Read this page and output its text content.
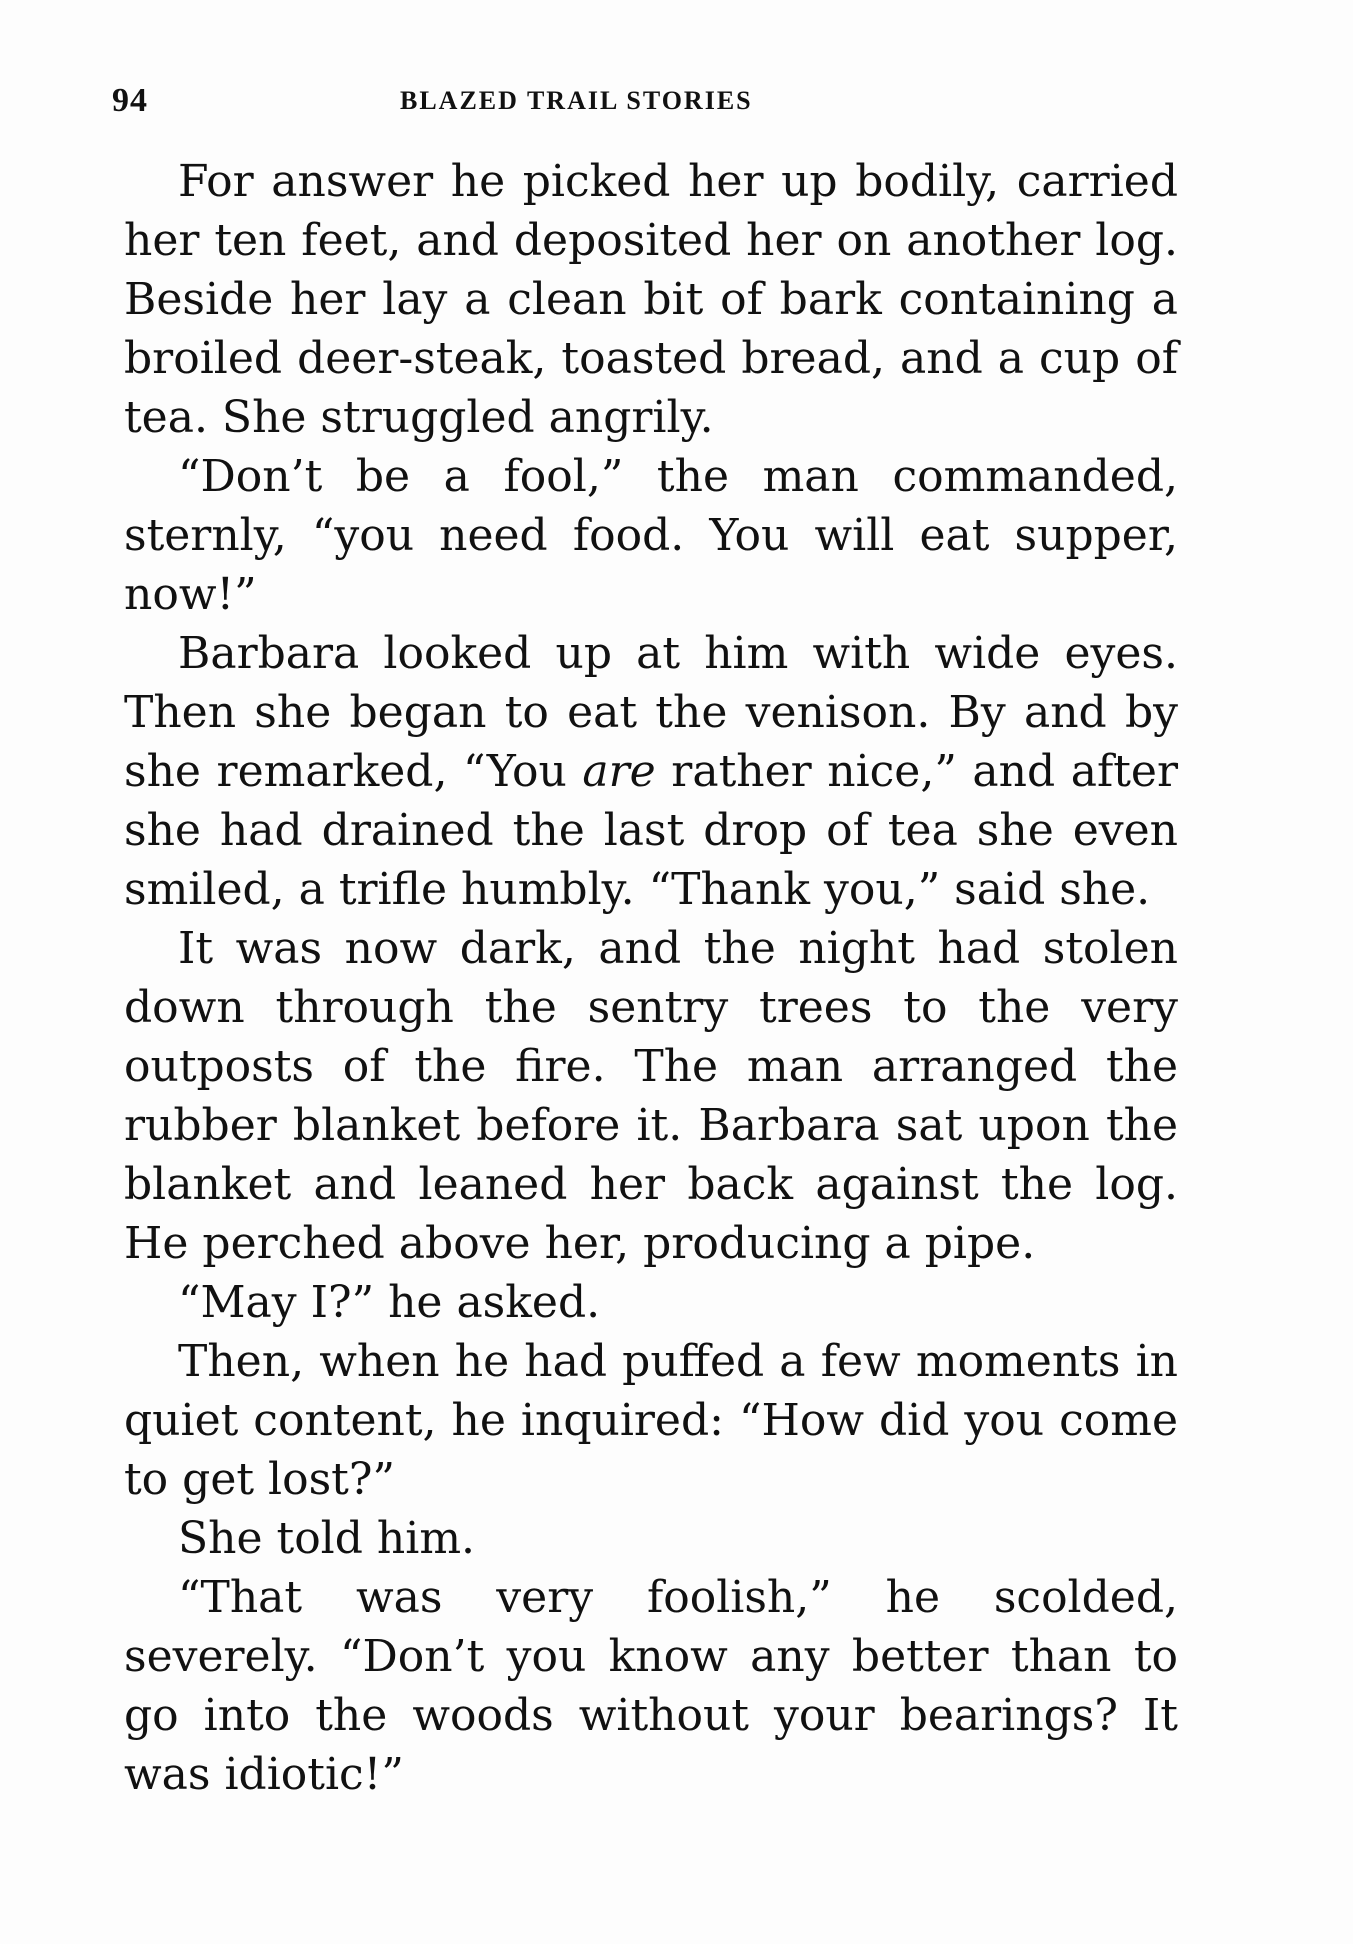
94	BLAZED TRAIL STORIES

For answer he picked her up bodily, carried her ten feet, and deposited her on another log. Beside her lay a clean bit of bark containing a broiled deer-steak, toasted bread, and a cup of tea. She struggled angrily.

“Don’t be a fool,” the man commanded, sternly, “you need food. You will eat supper, now!”

Barbara looked up at him with wide eyes. Then she began to eat the venison. By and by she remarked, “You are rather nice,” and after she had drained the last drop of tea she even smiled, a trifle humbly. “Thank you,” said she.

It was now dark, and the night had stolen down through the sentry trees to the very outposts of the fire. The man arranged the rubber blanket before it. Barbara sat upon the blanket and leaned her back against the log. He perched above her, producing a pipe.

“May I?” he asked.

Then, when he had puffed a few moments in quiet content, he inquired: “How did you come to get lost?”

She told him.

“That was very foolish,” he scolded, severely. “Don’t you know any better than to go into the woods without your bearings? It was idiotic!”
